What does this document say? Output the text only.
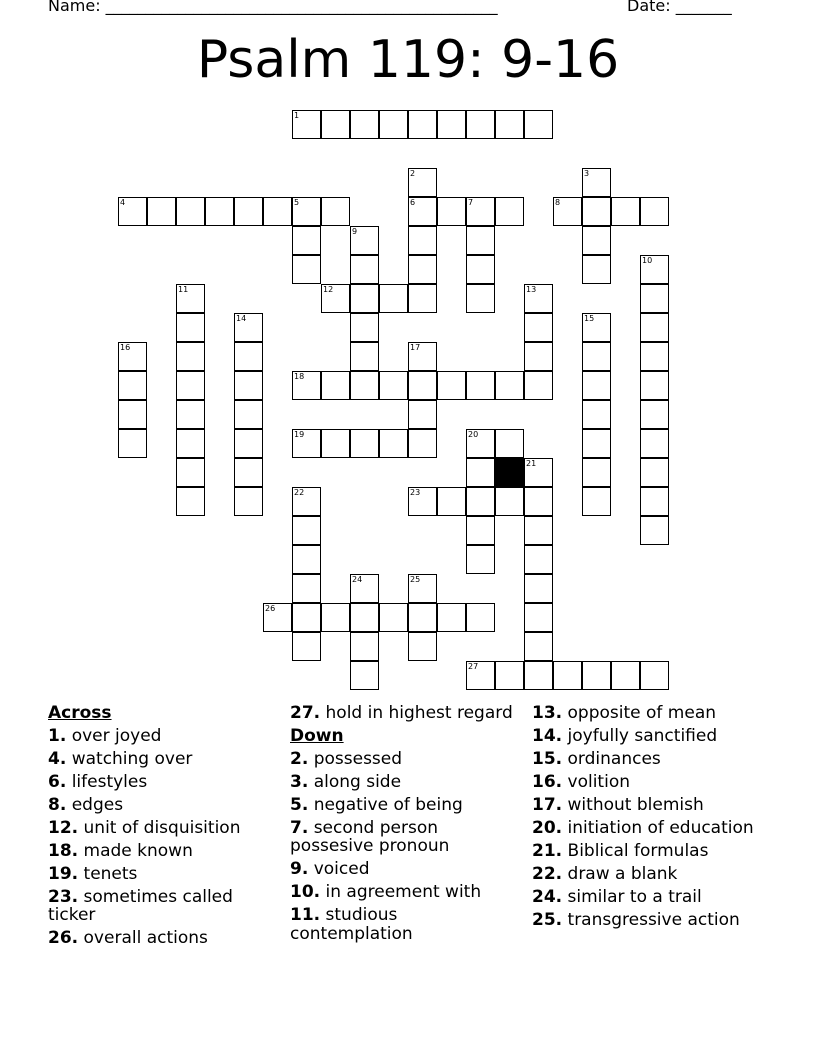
Name: _________________________________________________	Date: _______
Psalm 119: 9-16
1
2	3
4	5	6	7	8
9
10
11	12	13
14	15
16	17
18
19	20
21
22	23
24	25
26
27
Across
1. over joyed
4. watching over
6. lifestyles
8. edges
12. unit of disquisition
18. made known
19. tenets
23. sometimes called ticker
26. overall actions
27. hold in highest regard
Down
2. possessed
3. along side
5. negative of being
7. second person possesive pronoun
9. voiced
10. in agreement with
11. studious contemplation
13. opposite of mean
14. joyfully sanctified
15. ordinances
16. volition
17. without blemish
20. initiation of education
21. Biblical formulas
22. draw a blank
24. similar to a trail
25. transgressive action
